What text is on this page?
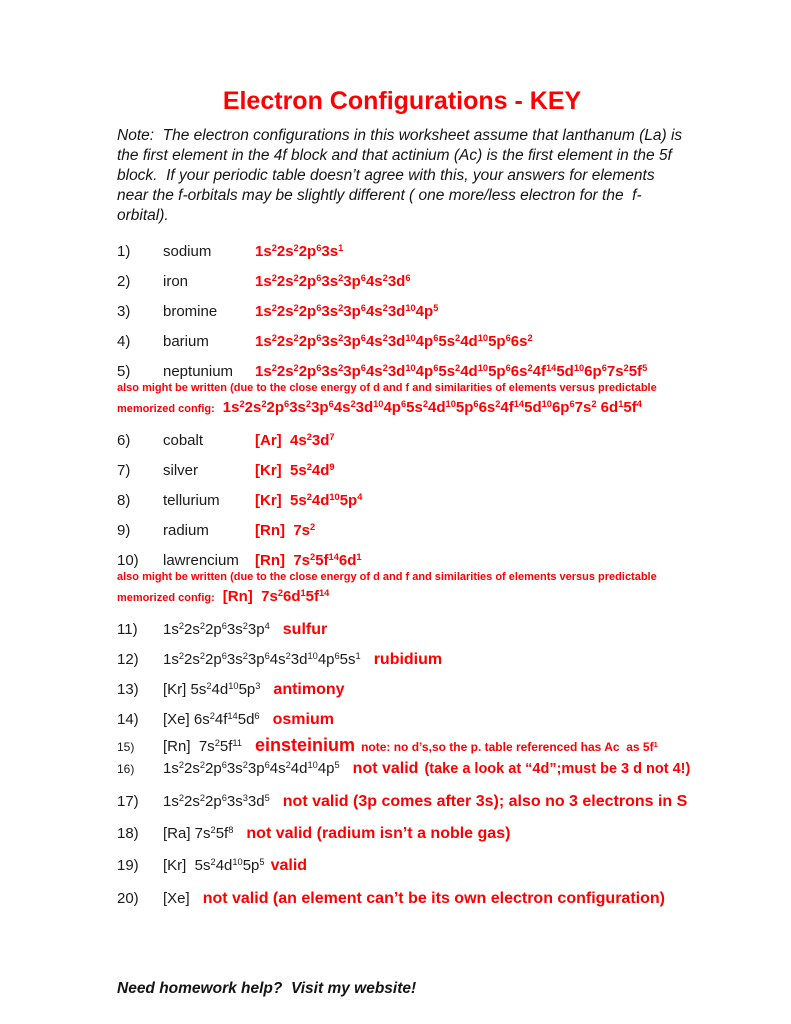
Electron Configurations - KEY

Note:  The electron configurations in this worksheet assume that lanthanum (La) is the first element in the 4f block and that actinium (Ac) is the first element in the 5f block.  If your periodic table doesn’t agree with this, your answers for elements near the f-orbitals may be slightly different ( one more/less electron for the  f-orbital).

1)	sodium	$1s^22s^22p^63s^1$
2)	iron	$1s^22s^22p^63s^23p^64s^23d^6$
3)	bromine	$1s^22s^22p^63s^23p^64s^23d^{10}4p^5$
4)	barium	$1s^22s^22p^63s^23p^64s^23d^{10}4p^65s^24d^{10}5p^66s^2$
5)	neptunium	$1s^22s^22p^63s^23p^64s^23d^{10}4p^65s^24d^{10}5p^66s^24f^{14}5d^{10}6p^67s^25f^5$
also might be written (due to the close energy of d and f and similarities of elements versus predictable
memorized config: $1s^22s^22p^63s^23p^64s^23d^{10}4p^65s^24d^{10}5p^66s^24f^{14}5d^{10}6p^67s^2$ $6d^15f^4$
6)	cobalt	[Ar]  $4s^23d^7$
7)	silver	[Kr]  $5s^24d^9$
8)	tellurium	[Kr]  $5s^24d^{10}5p^4$
9)	radium	[Rn]  $7s^2$
10)	lawrencium	[Rn]  $7s^25f^{14}6d^1$
also might be written (due to the close energy of d and f and similarities of elements versus predictable
memorized config: [Rn]  $7s^26d^15f^{14}$
11)	$1s^22s^22p^63s^23p^4$ sulfur
12)	$1s^22s^22p^63s^23p^64s^23d^{10}4p^65s^1$ rubidium
13)	[Kr] $5s^24d^{10}5p^3$ antimony
14)	[Xe] $6s^24f^{14}5d^6$ osmium
15)	[Rn]  $7s^25f^{11}$ einsteinium note: no d’s,so the p. table referenced has Ac  as $5f^1$
16)	$1s^22s^22p^63s^23p^64s^24d^{10}4p^5$ not valid (take a look at “4d”;must be 3 d not 4!)
17)	$1s^22s^22p^63s^33d^5$ not valid (3p comes after 3s); also no 3 electrons in S
18)	[Ra] $7s^25f^8$ not valid (radium isn’t a noble gas)
19)	[Kr]  $5s^24d^{10}5p^5$ valid
20)	[Xe] not valid (an element can’t be its own electron configuration)
Need homework help?  Visit my website!
